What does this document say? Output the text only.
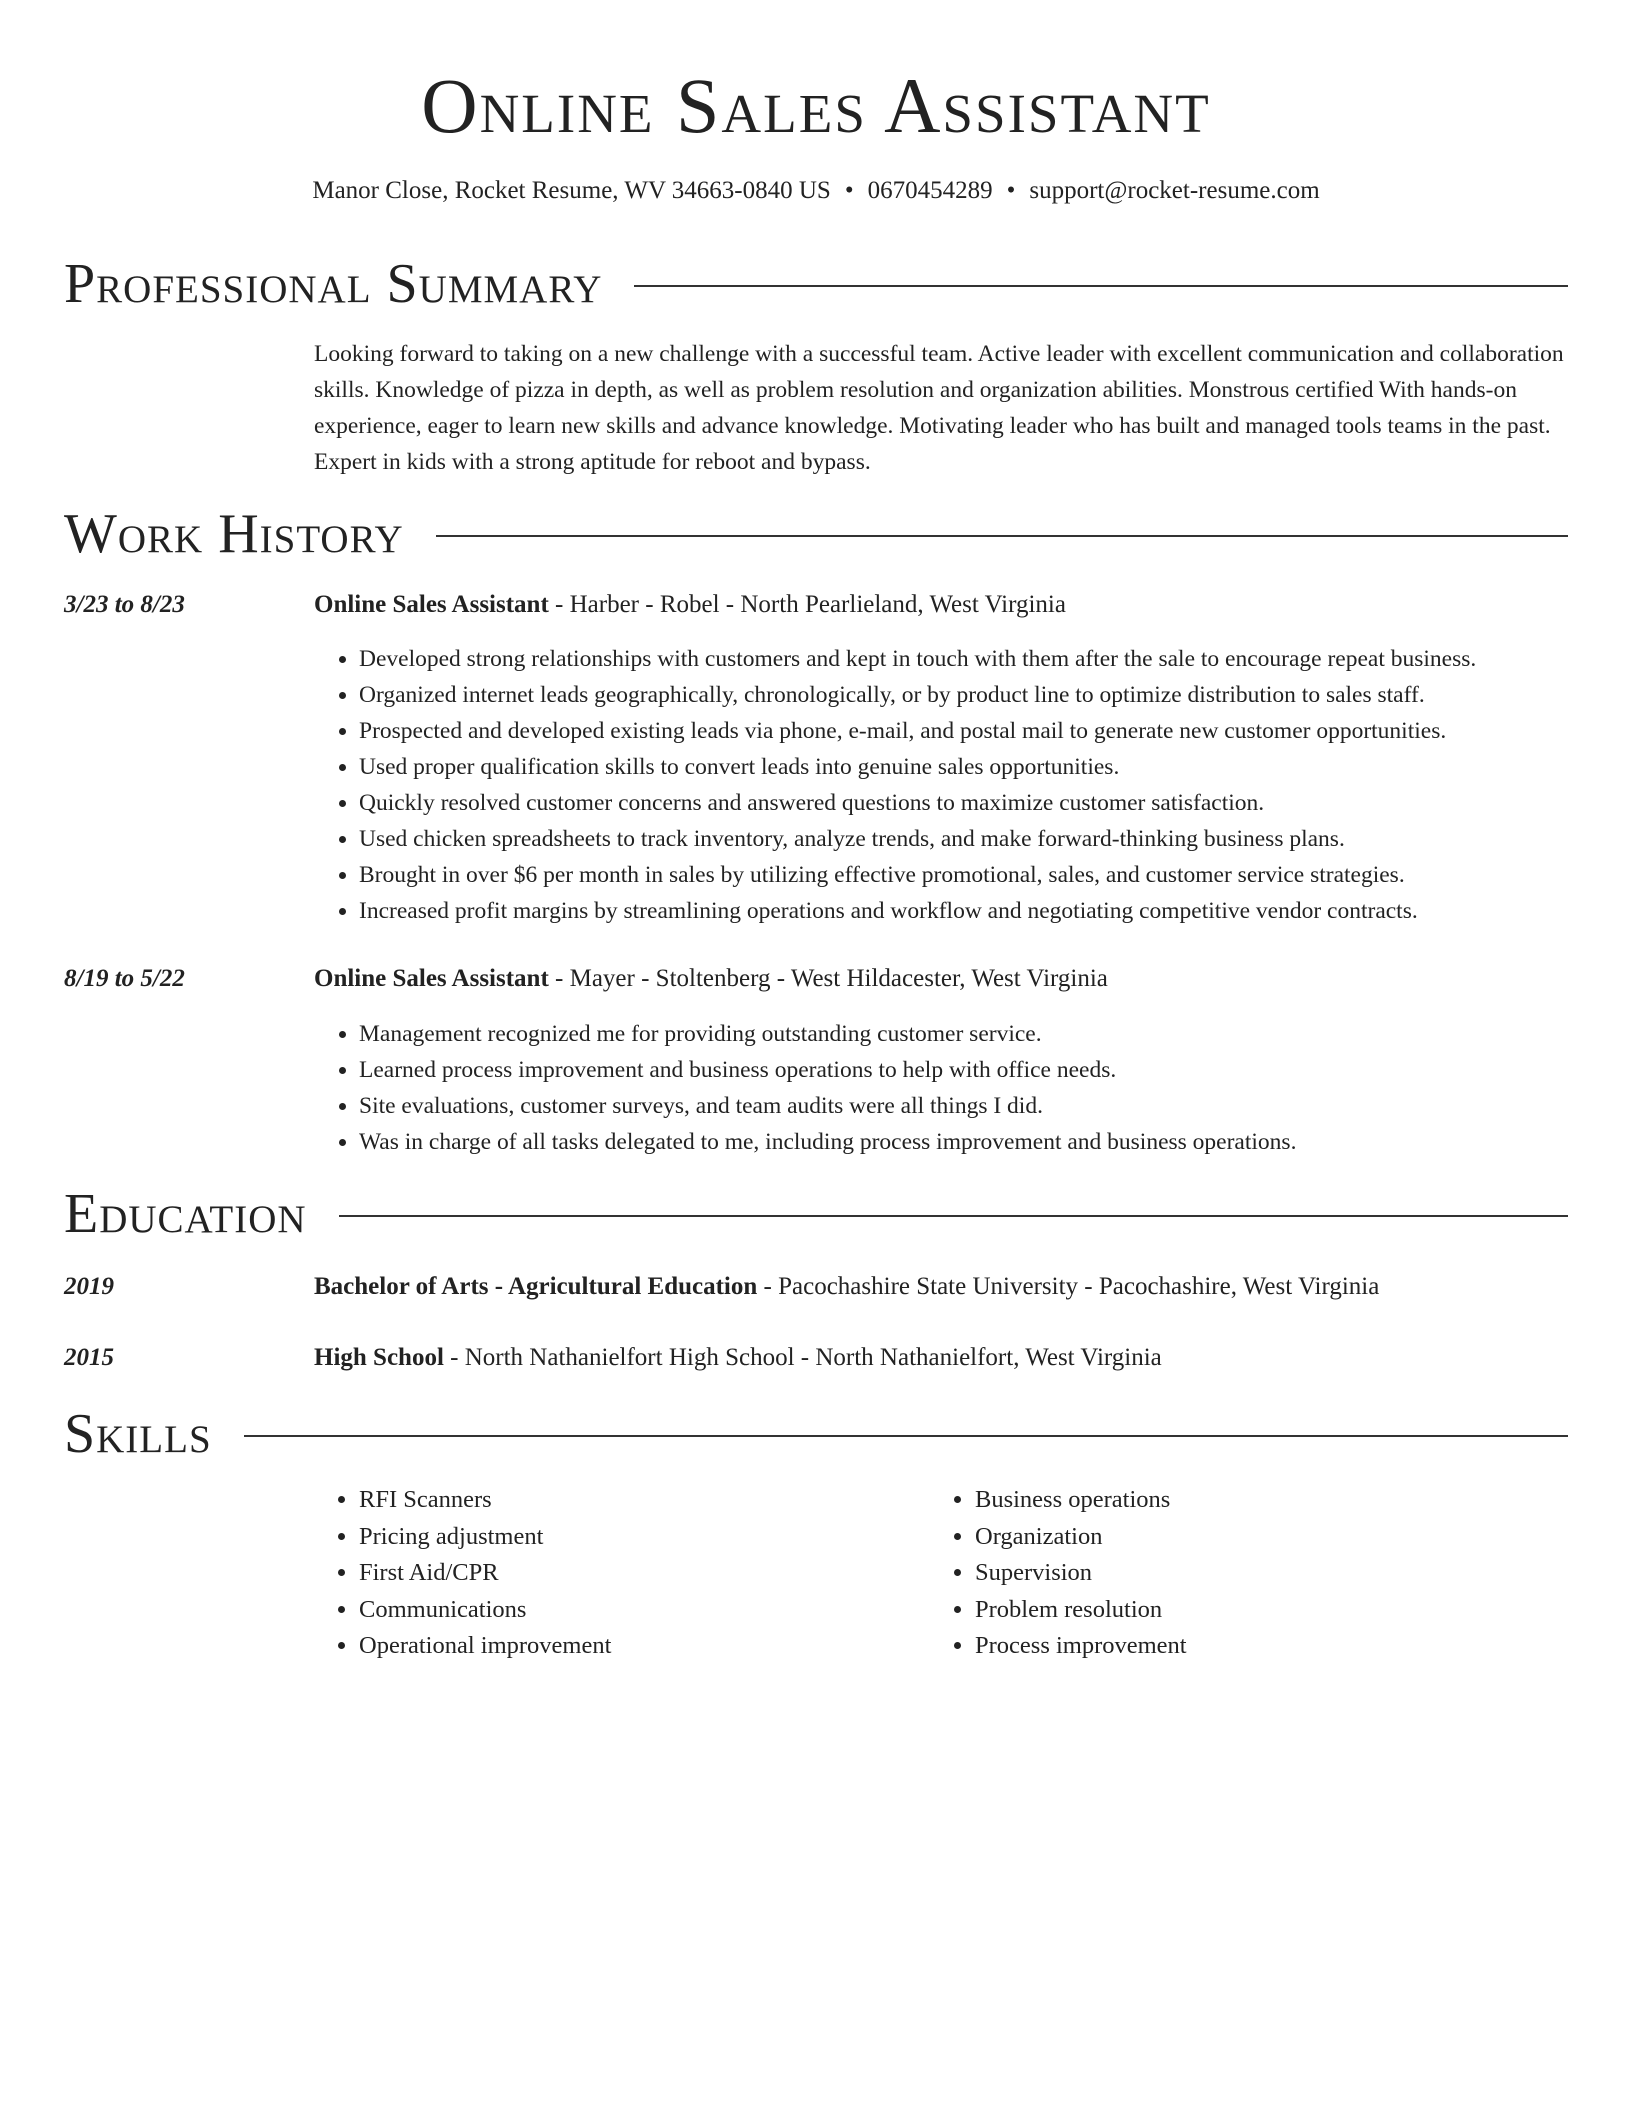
Online Sales Assistant
Manor Close, Rocket Resume, WV 34663-0840 US • 0670454289 • support@rocket-resume.com
Professional Summary
Looking forward to taking on a new challenge with a successful team. Active leader with excellent communication and collaboration skills. Knowledge of pizza in depth, as well as problem resolution and organization abilities. Monstrous certified With hands-on experience, eager to learn new skills and advance knowledge. Motivating leader who has built and managed tools teams in the past. Expert in kids with a strong aptitude for reboot and bypass.
Work History
3/23 to 8/23	Online Sales Assistant - Harber - Robel - North Pearlieland, West Virginia
• Developed strong relationships with customers and kept in touch with them after the sale to encourage repeat business.
• Organized internet leads geographically, chronologically, or by product line to optimize distribution to sales staff.
• Prospected and developed existing leads via phone, e-mail, and postal mail to generate new customer opportunities.
• Used proper qualification skills to convert leads into genuine sales opportunities.
• Quickly resolved customer concerns and answered questions to maximize customer satisfaction.
• Used chicken spreadsheets to track inventory, analyze trends, and make forward-thinking business plans.
• Brought in over $6 per month in sales by utilizing effective promotional, sales, and customer service strategies.
• Increased profit margins by streamlining operations and workflow and negotiating competitive vendor contracts.
8/19 to 5/22	Online Sales Assistant - Mayer - Stoltenberg - West Hildacester, West Virginia
• Management recognized me for providing outstanding customer service.
• Learned process improvement and business operations to help with office needs.
• Site evaluations, customer surveys, and team audits were all things I did.
• Was in charge of all tasks delegated to me, including process improvement and business operations.
Education
2019	Bachelor of Arts - Agricultural Education - Pacochashire State University - Pacochashire, West Virginia
2015	High School - North Nathanielfort High School - North Nathanielfort, West Virginia
Skills
• RFI Scanners
• Pricing adjustment
• First Aid/CPR
• Communications
• Operational improvement
• Business operations
• Organization
• Supervision
• Problem resolution
• Process improvement
